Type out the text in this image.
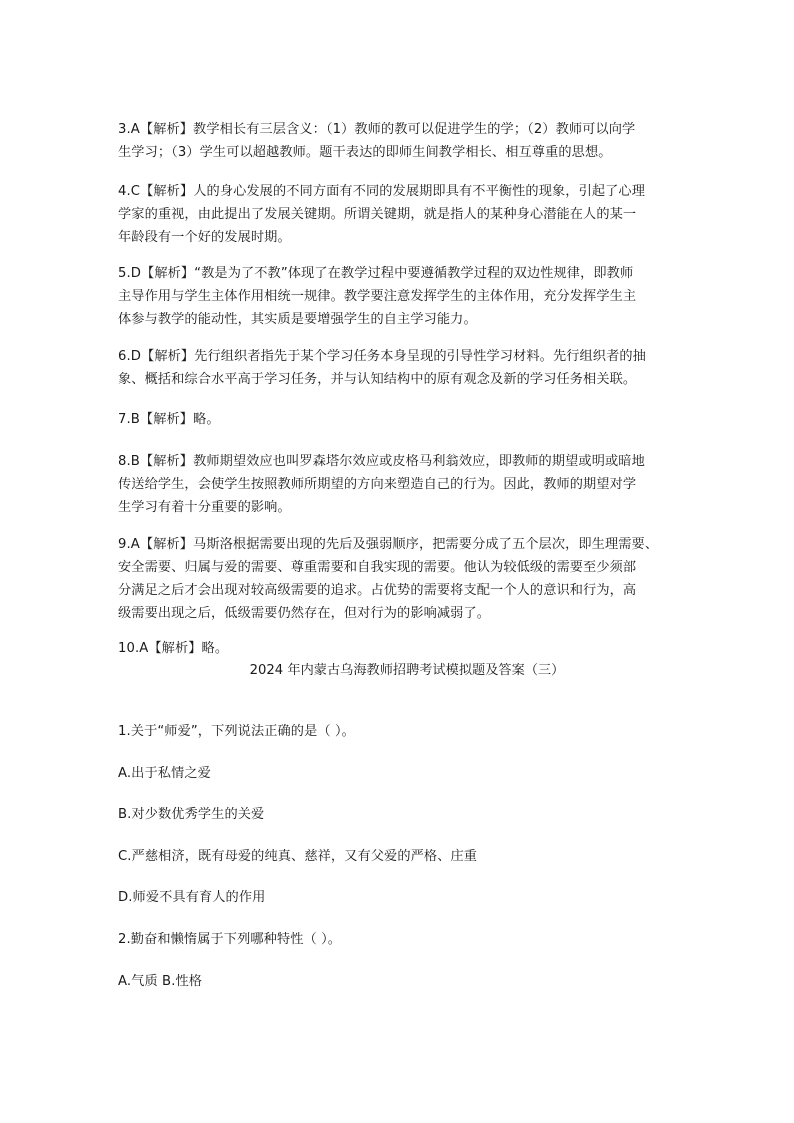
3.A【解析】教学相长有三层含义：（1）教师的教可以促进学生的学；（2）教师可以向学
生学习；（3）学生可以超越教师。题干表达的即师生间教学相长、相互尊重的思想。
4.C【解析】人的身心发展的不同方面有不同的发展期即具有不平衡性的现象，引起了心理
学家的重视，由此提出了发展关键期。所谓关键期，就是指人的某种身心潜能在人的某一
年龄段有一个好的发展时期。
5.D【解析】“教是为了不教”体现了在教学过程中要遵循教学过程的双边性规律，即教师
主导作用与学生主体作用相统一规律。教学要注意发挥学生的主体作用，充分发挥学生主
体参与教学的能动性，其实质是要增强学生的自主学习能力。
6.D【解析】先行组织者指先于某个学习任务本身呈现的引导性学习材料。先行组织者的抽
象、概括和综合水平高于学习任务，并与认知结构中的原有观念及新的学习任务相关联。
7.B【解析】略。
8.B【解析】教师期望效应也叫罗森塔尔效应或皮格马利翁效应，即教师的期望或明或暗地
传送给学生，会使学生按照教师所期望的方向来塑造自己的行为。因此，教师的期望对学
生学习有着十分重要的影响。
9.A【解析】马斯洛根据需要出现的先后及强弱顺序，把需要分成了五个层次，即生理需要、
安全需要、归属与爱的需要、尊重需要和自我实现的需要。他认为较低级的需要至少须部
分满足之后才会出现对较高级需要的追求。占优势的需要将支配一个人的意识和行为，高
级需要出现之后，低级需要仍然存在，但对行为的影响减弱了。
10.A【解析】略。
2024 年内蒙古乌海教师招聘考试模拟题及答案（三）
1.关于“师爱”，下列说法正确的是（ ）。
A.出于私情之爱
B.对少数优秀学生的关爱
C.严慈相济，既有母爱的纯真、慈祥，又有父爱的严格、庄重
D.师爱不具有育人的作用
2.勤奋和懒惰属于下列哪种特性（ ）。
A.气质 B.性格
